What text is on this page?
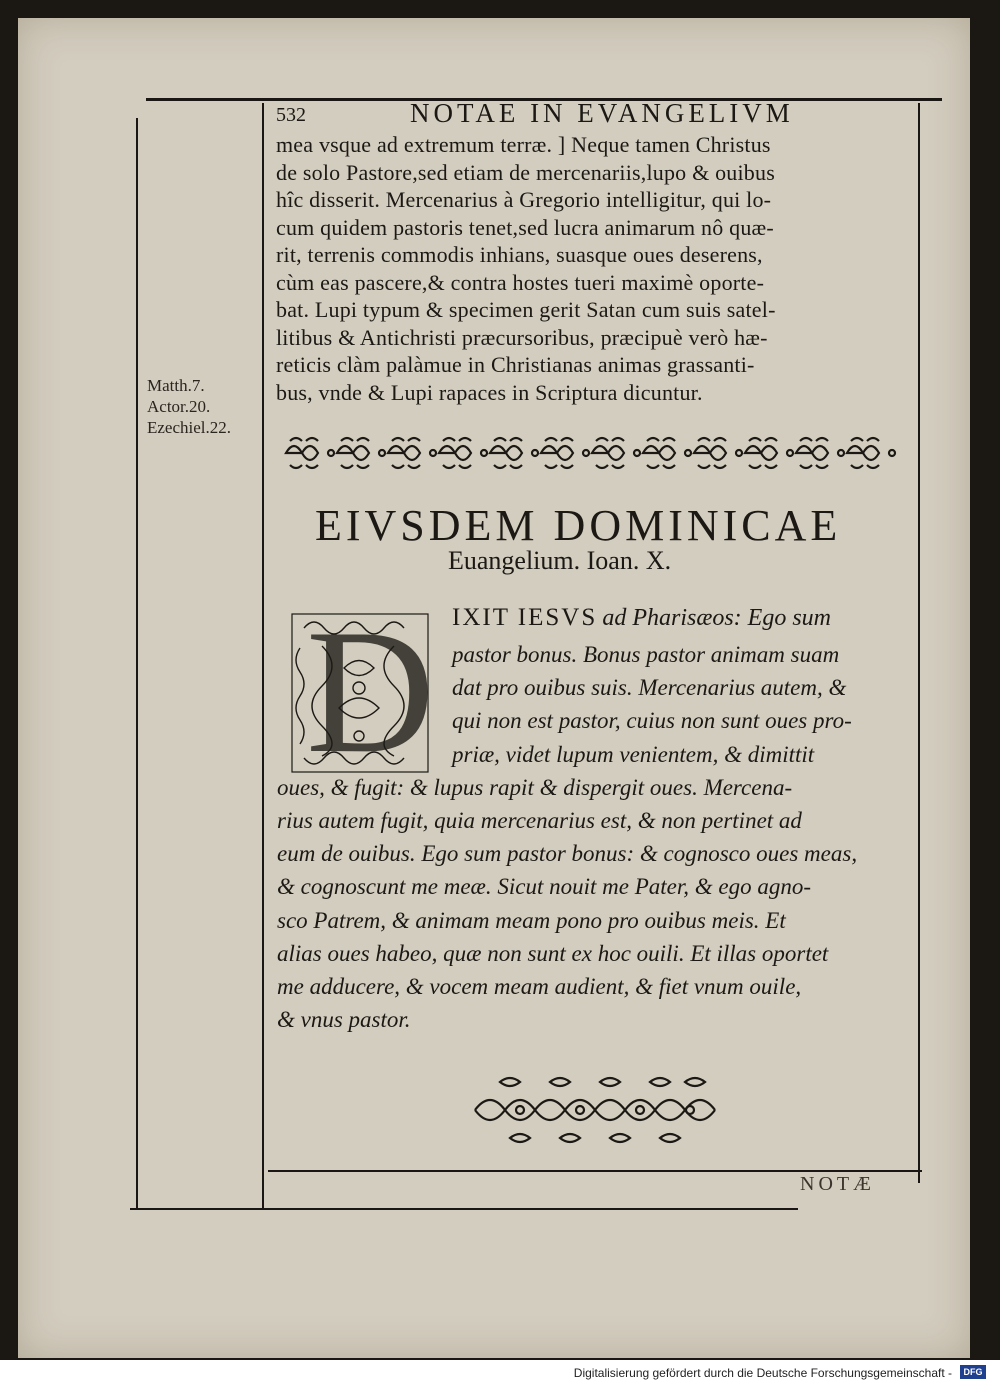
532	NOTAE IN EVANGELIVM
mea vsque ad extremum terræ. ] Neque tamen Christus
de solo Pastore,sed etiam de mercenariis,lupo & ouibus
hîc disserit. Mercenarius à Gregorio intelligitur, qui lo-
cum quidem pastoris tenet,sed lucra animarum nô quæ-
rit, terrenis commodis inhians, suasque oues deserens,
cùm eas pascere,& contra hostes tueri maximè oporte-
bat. Lupi typum & specimen gerit Satan cum suis satel-
litibus & Antichristi præcursoribus, præcipuè verò hæ-
reticis clàm palàmue in Christianas animas grassanti-
bus, vnde & Lupi rapaces in Scriptura dicuntur.
Matth.7.
Actor.20.
Ezechiel.22.
EIVSDEM DOMINICAE
Euangelium. Ioan. X.
D IXIT IESVS ad Pharisæos: Ego sum
pastor bonus. Bonus pastor animam suam
dat pro ouibus suis. Mercenarius autem, &
qui non est pastor, cuius non sunt oues pro-
priæ, videt lupum venientem, & dimittit
oues, & fugit: & lupus rapit & dispergit oues. Mercena-
rius autem fugit, quia mercenarius est, & non pertinet ad
eum de ouibus. Ego sum pastor bonus: & cognosco oues meas,
& cognoscunt me meæ. Sicut nouit me Pater, & ego agno-
sco Patrem, & animam meam pono pro ouibus meis. Et
alias oues habeo, quæ non sunt ex hoc ouili. Et illas oportet
me adducere, & vocem meam audient, & fiet vnum ouile,
& vnus pastor.
NOTÆ
Digitalisierung gefördert durch die Deutsche Forschungsgemeinschaft -	DFG
